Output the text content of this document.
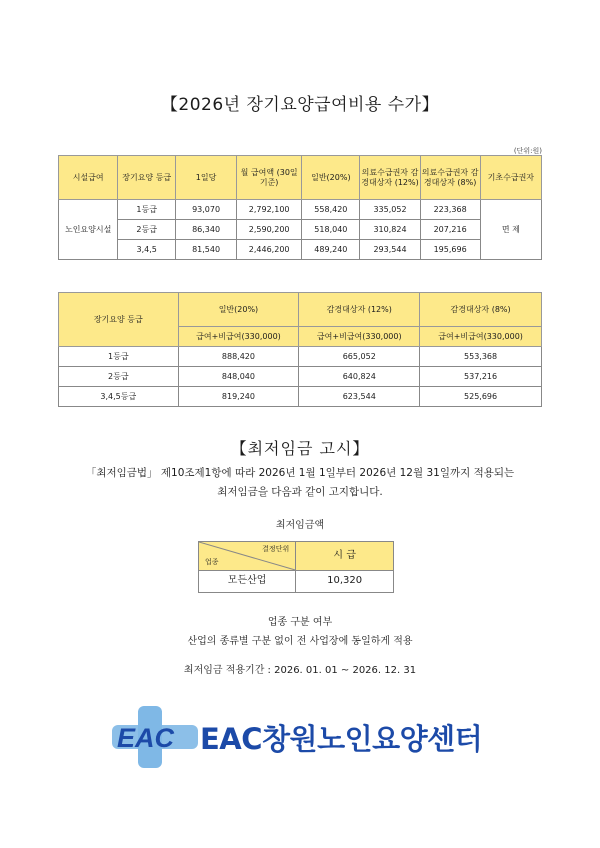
【2026년 장기요양급여비용 수가】
(단위:원)
시설급여	장기요양 등급	1일당	월 급여액 (30일기준)	일반(20%)	의료수급권자 감경대상자 (12%)	의료수급권자 감경대상자 (8%)	기초수급권자
노인요양시설	1등급	93,070	2,792,100	558,420	335,052	223,368	면 제
	2등급	86,340	2,590,200	518,040	310,824	207,216	
	3,4,5	81,540	2,446,200	489,240	293,544	195,696	
장기요양 등급	일반(20%)	감경대상자 (12%)	감경대상자 (8%)
	급여+비급여(330,000)	급여+비급여(330,000)	급여+비급여(330,000)
1등급	888,420	665,052	553,368
2등급	848,040	640,824	537,216
3,4,5등급	819,240	623,544	525,696
【최저임금 고시】
「최저임금법」 제10조제1항에 따라 2026년 1월 1일부터 2026년 12월 31일까지 적용되는
최저임금을 다음과 같이 고지합니다.
최저임금액
결정단위
업종	시 급
모든산업	10,320
업종 구분 여부
산업의 종류별 구분 없이 전 사업장에 동일하게 적용
최저임금 적용기간 : 2026. 01. 01 ~ 2026. 12. 31
EAC EAC창원노인요양센터
